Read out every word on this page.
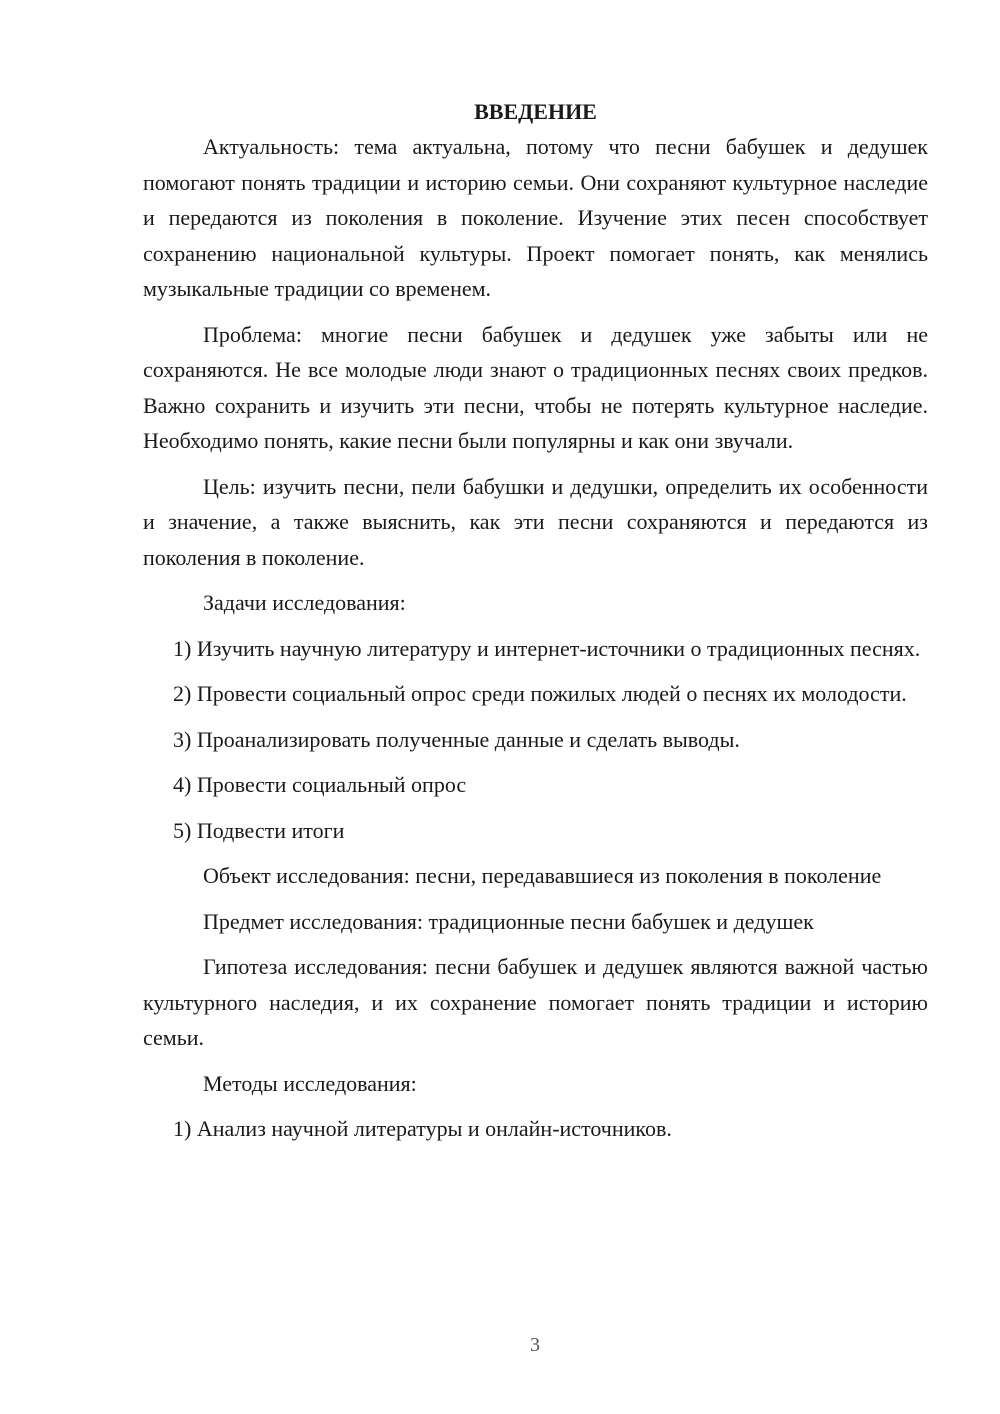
ВВЕДЕНИЕ

Актуальность: тема актуальна, потому что песни бабушек и дедушек помогают понять традиции и историю семьи. Они сохраняют культурное наследие и передаются из поколения в поколение. Изучение этих песен способствует сохранению национальной культуры. Проект помогает понять, как менялись музыкальные традиции со временем.

Проблема: многие песни бабушек и дедушек уже забыты или не сохраняются. Не все молодые люди знают о традиционных песнях своих предков. Важно сохранить и изучить эти песни, чтобы не потерять культурное наследие. Необходимо понять, какие песни были популярны и как они звучали.

Цель: изучить песни, пели бабушки и дедушки, определить их особенности и значение, а также выяснить, как эти песни сохраняются и передаются из поколения в поколение.

Задачи исследования:

1) Изучить научную литературу и интернет-источники о традиционных песнях.

2) Провести социальный опрос среди пожилых людей о песнях их молодости.

3) Проанализировать полученные данные и сделать выводы.

4) Провести социальный опрос

5) Подвести итоги

Объект исследования: песни, передававшиеся из поколения в поколение

Предмет исследования: традиционные песни бабушек и дедушек

Гипотеза исследования: песни бабушек и дедушек являются важной частью культурного наследия, и их сохранение помогает понять традиции и историю семьи.

Методы исследования:

1) Анализ научной литературы и онлайн-источников.

3
